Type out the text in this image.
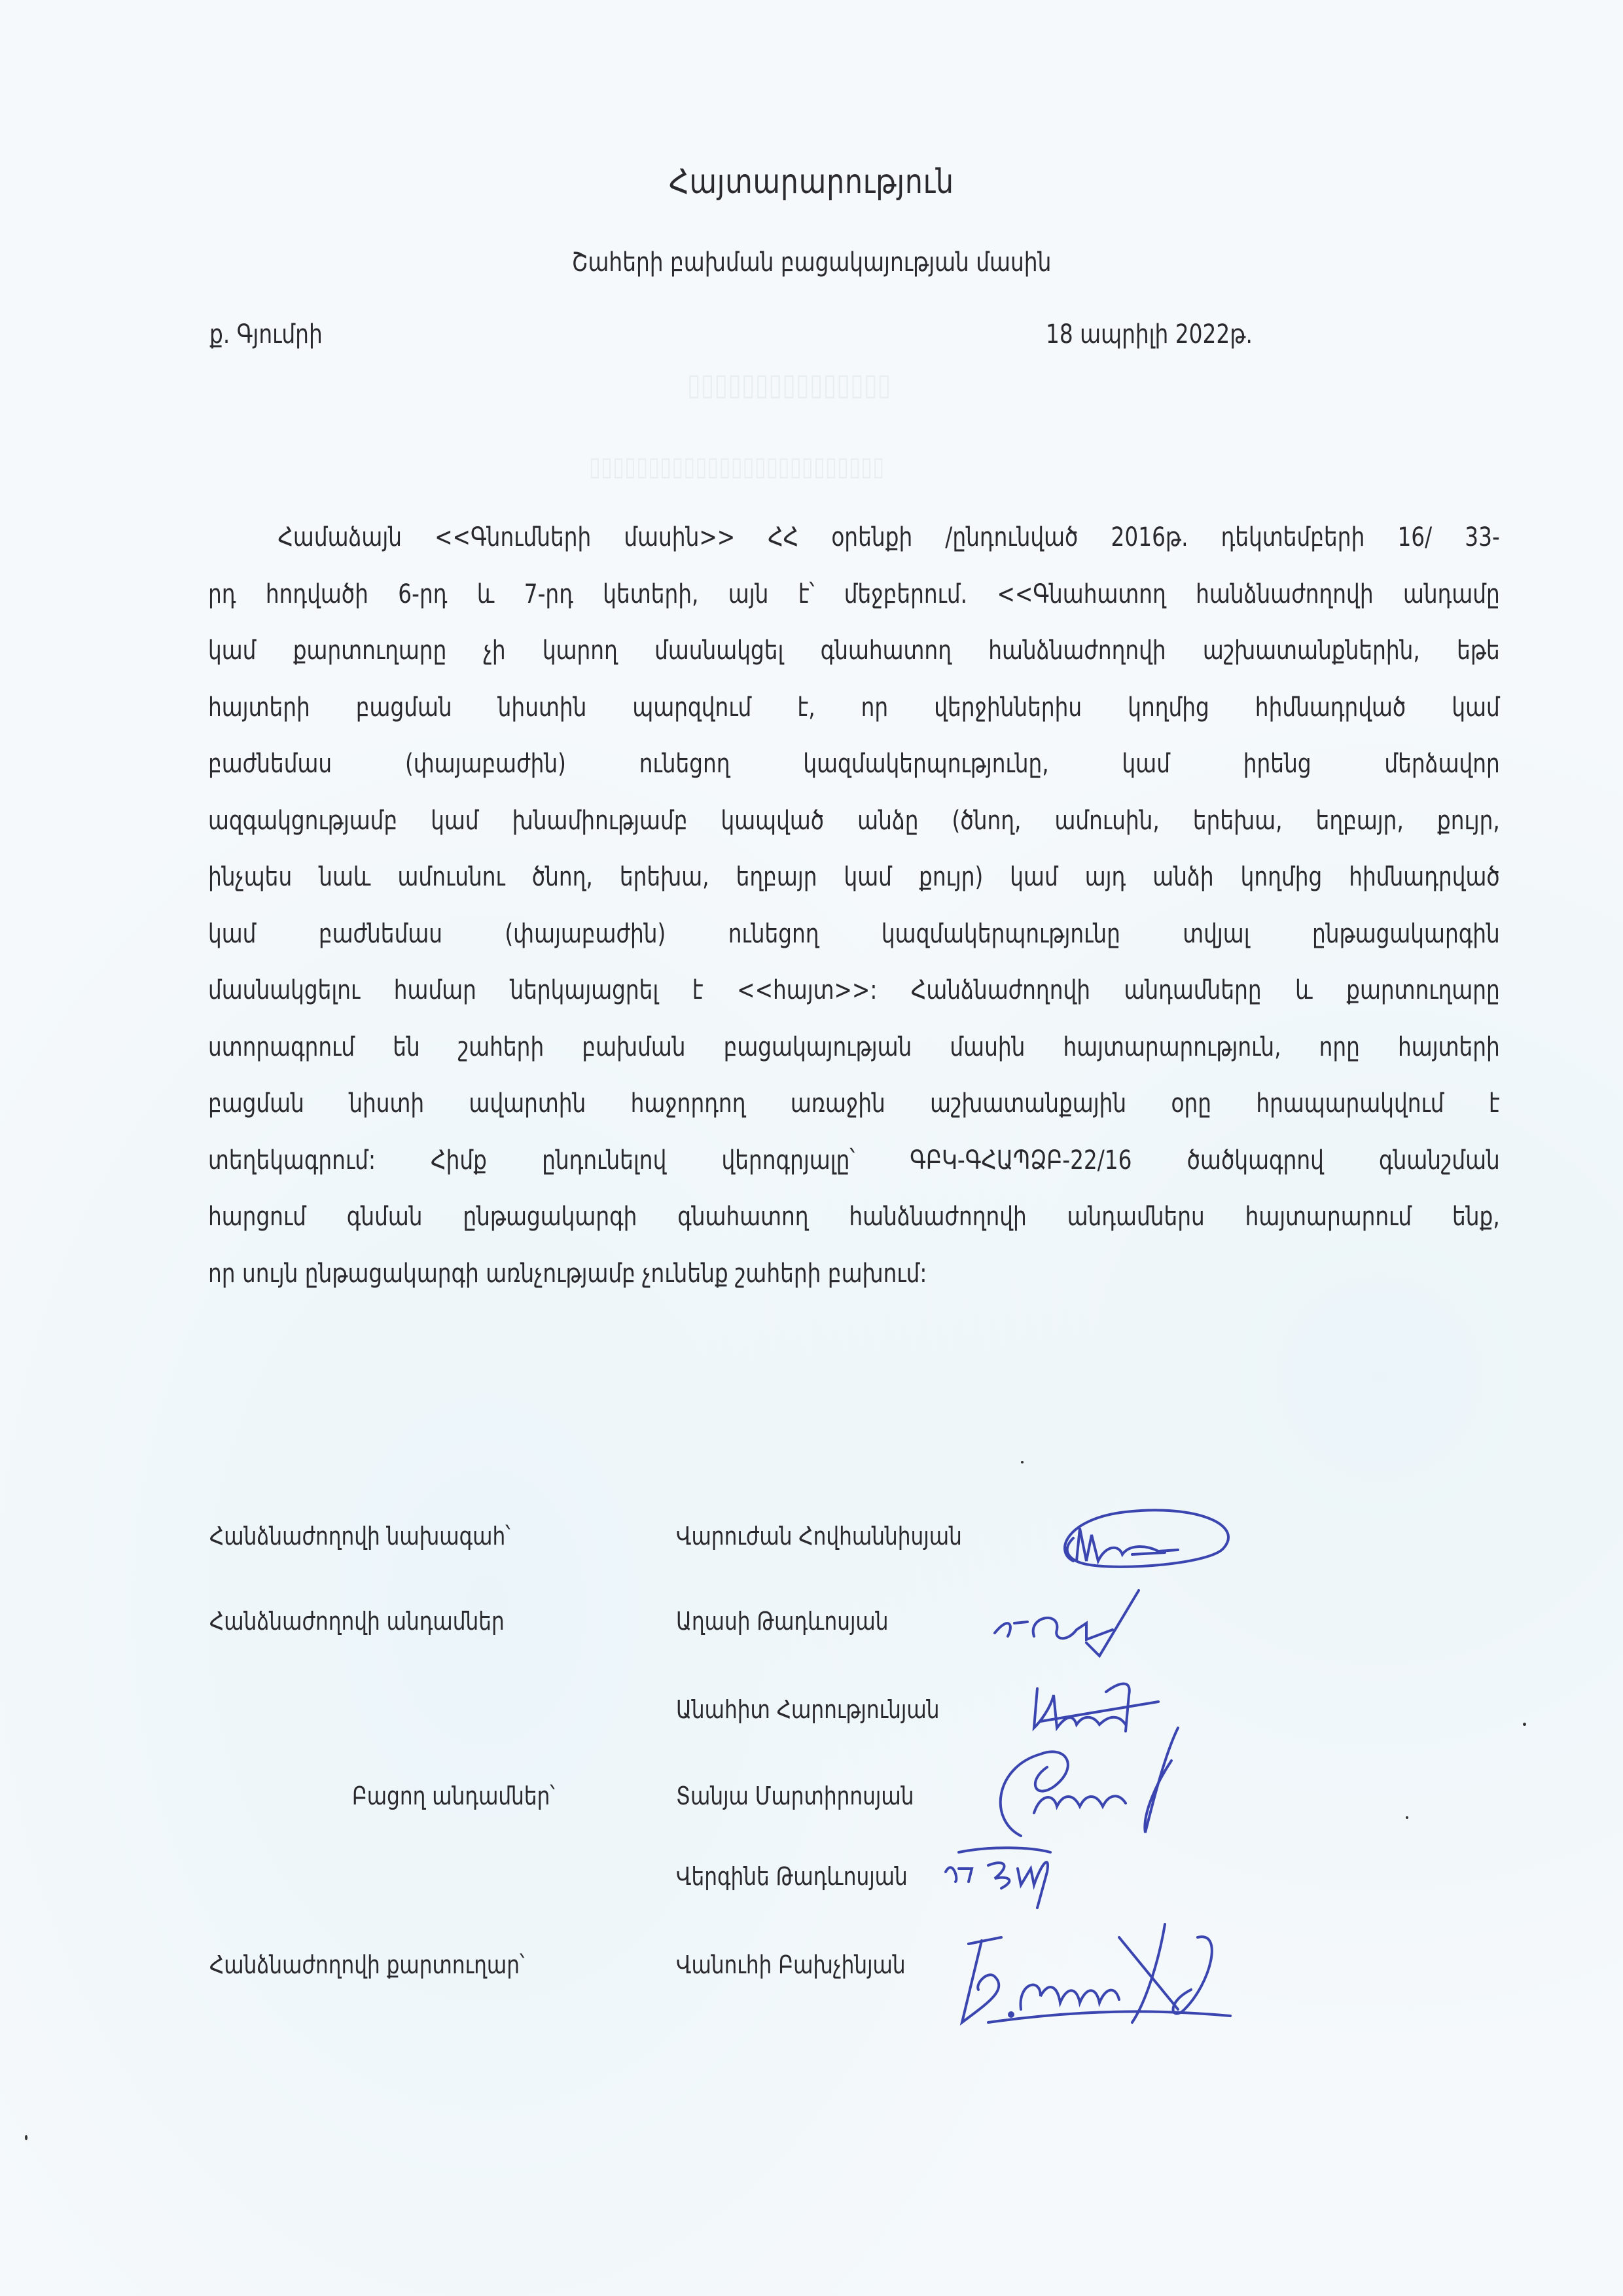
▯▯▯▯▯▯▯▯▯▯▯▯▯▯▯
▯▯▯▯▯▯▯▯▯▯▯▯▯▯▯▯▯▯▯▯▯▯▯▯▯
Հայտարարություն
Շահերի բախման բացակայության մասին
ք. Գյումրի	18 ապրիլի 2022թ.
Համաձայն <<Գնումների մասին>> ՀՀ օրենքի /ընդունված 2016թ. դեկտեմբերի 16/ 33-
րդ հոդվածի 6-րդ և 7-րդ կետերի, այն է՝ մեջբերում. <<Գնահատող հանձնաժողովի անդամը
կամ քարտուղարը չի կարող մասնակցել գնահատող հանձնաժողովի աշխատանքներին, եթե
հայտերի բացման նիստին պարզվում է, որ վերջիններիս կողմից հիմնադրված կամ
բաժնեմաս (փայաբաժին) ունեցող կազմակերպությունը, կամ իրենց մերձավոր
ազգակցությամբ կամ խնամիությամբ կապված անձը (ծնող, ամուսին, երեխա, եղբայր, քույր,
ինչպես նաև ամուսնու ծնող, երեխա, եղբայր կամ քույր) կամ այդ անձի կողմից հիմնադրված
կամ բաժնեմաս (փայաբաժին) ունեցող կազմակերպությունը տվյալ ընթացակարգին
մասնակցելու համար ներկայացրել է <<հայտ>>: Հանձնաժողովի անդամները և քարտուղարը
ստորագրում են շահերի բախման բացակայության մասին հայտարարություն, որը հայտերի
բացման նիստի ավարտին հաջորդող առաջին աշխատանքային օրը հրապարակվում է
տեղեկագրում: Հիմք ընդունելով վերոգրյալը՝ ԳԲԿ-ԳՀԱՊՁԲ-22/16 ծածկագրով գնանշման
հարցում գնման ընթացակարգի գնահատող հանձնաժողովի անդամներս հայտարարում ենք,
որ սույն ընթացակարգի առնչությամբ չունենք շահերի բախում:
Հանձնաժողովի նախագահ՝	Վարուժան Հովհաննիսյան
Հանձնաժողովի անդամներ	Աղասի Թադևոսյան
Անահիտ Հարությունյան
Բացող անդամներ՝	Տանյա Մարտիրոսյան
Վերգինե Թադևոսյան
Հանձնաժողովի քարտուղար՝	Վանուհի Բախչինյան
